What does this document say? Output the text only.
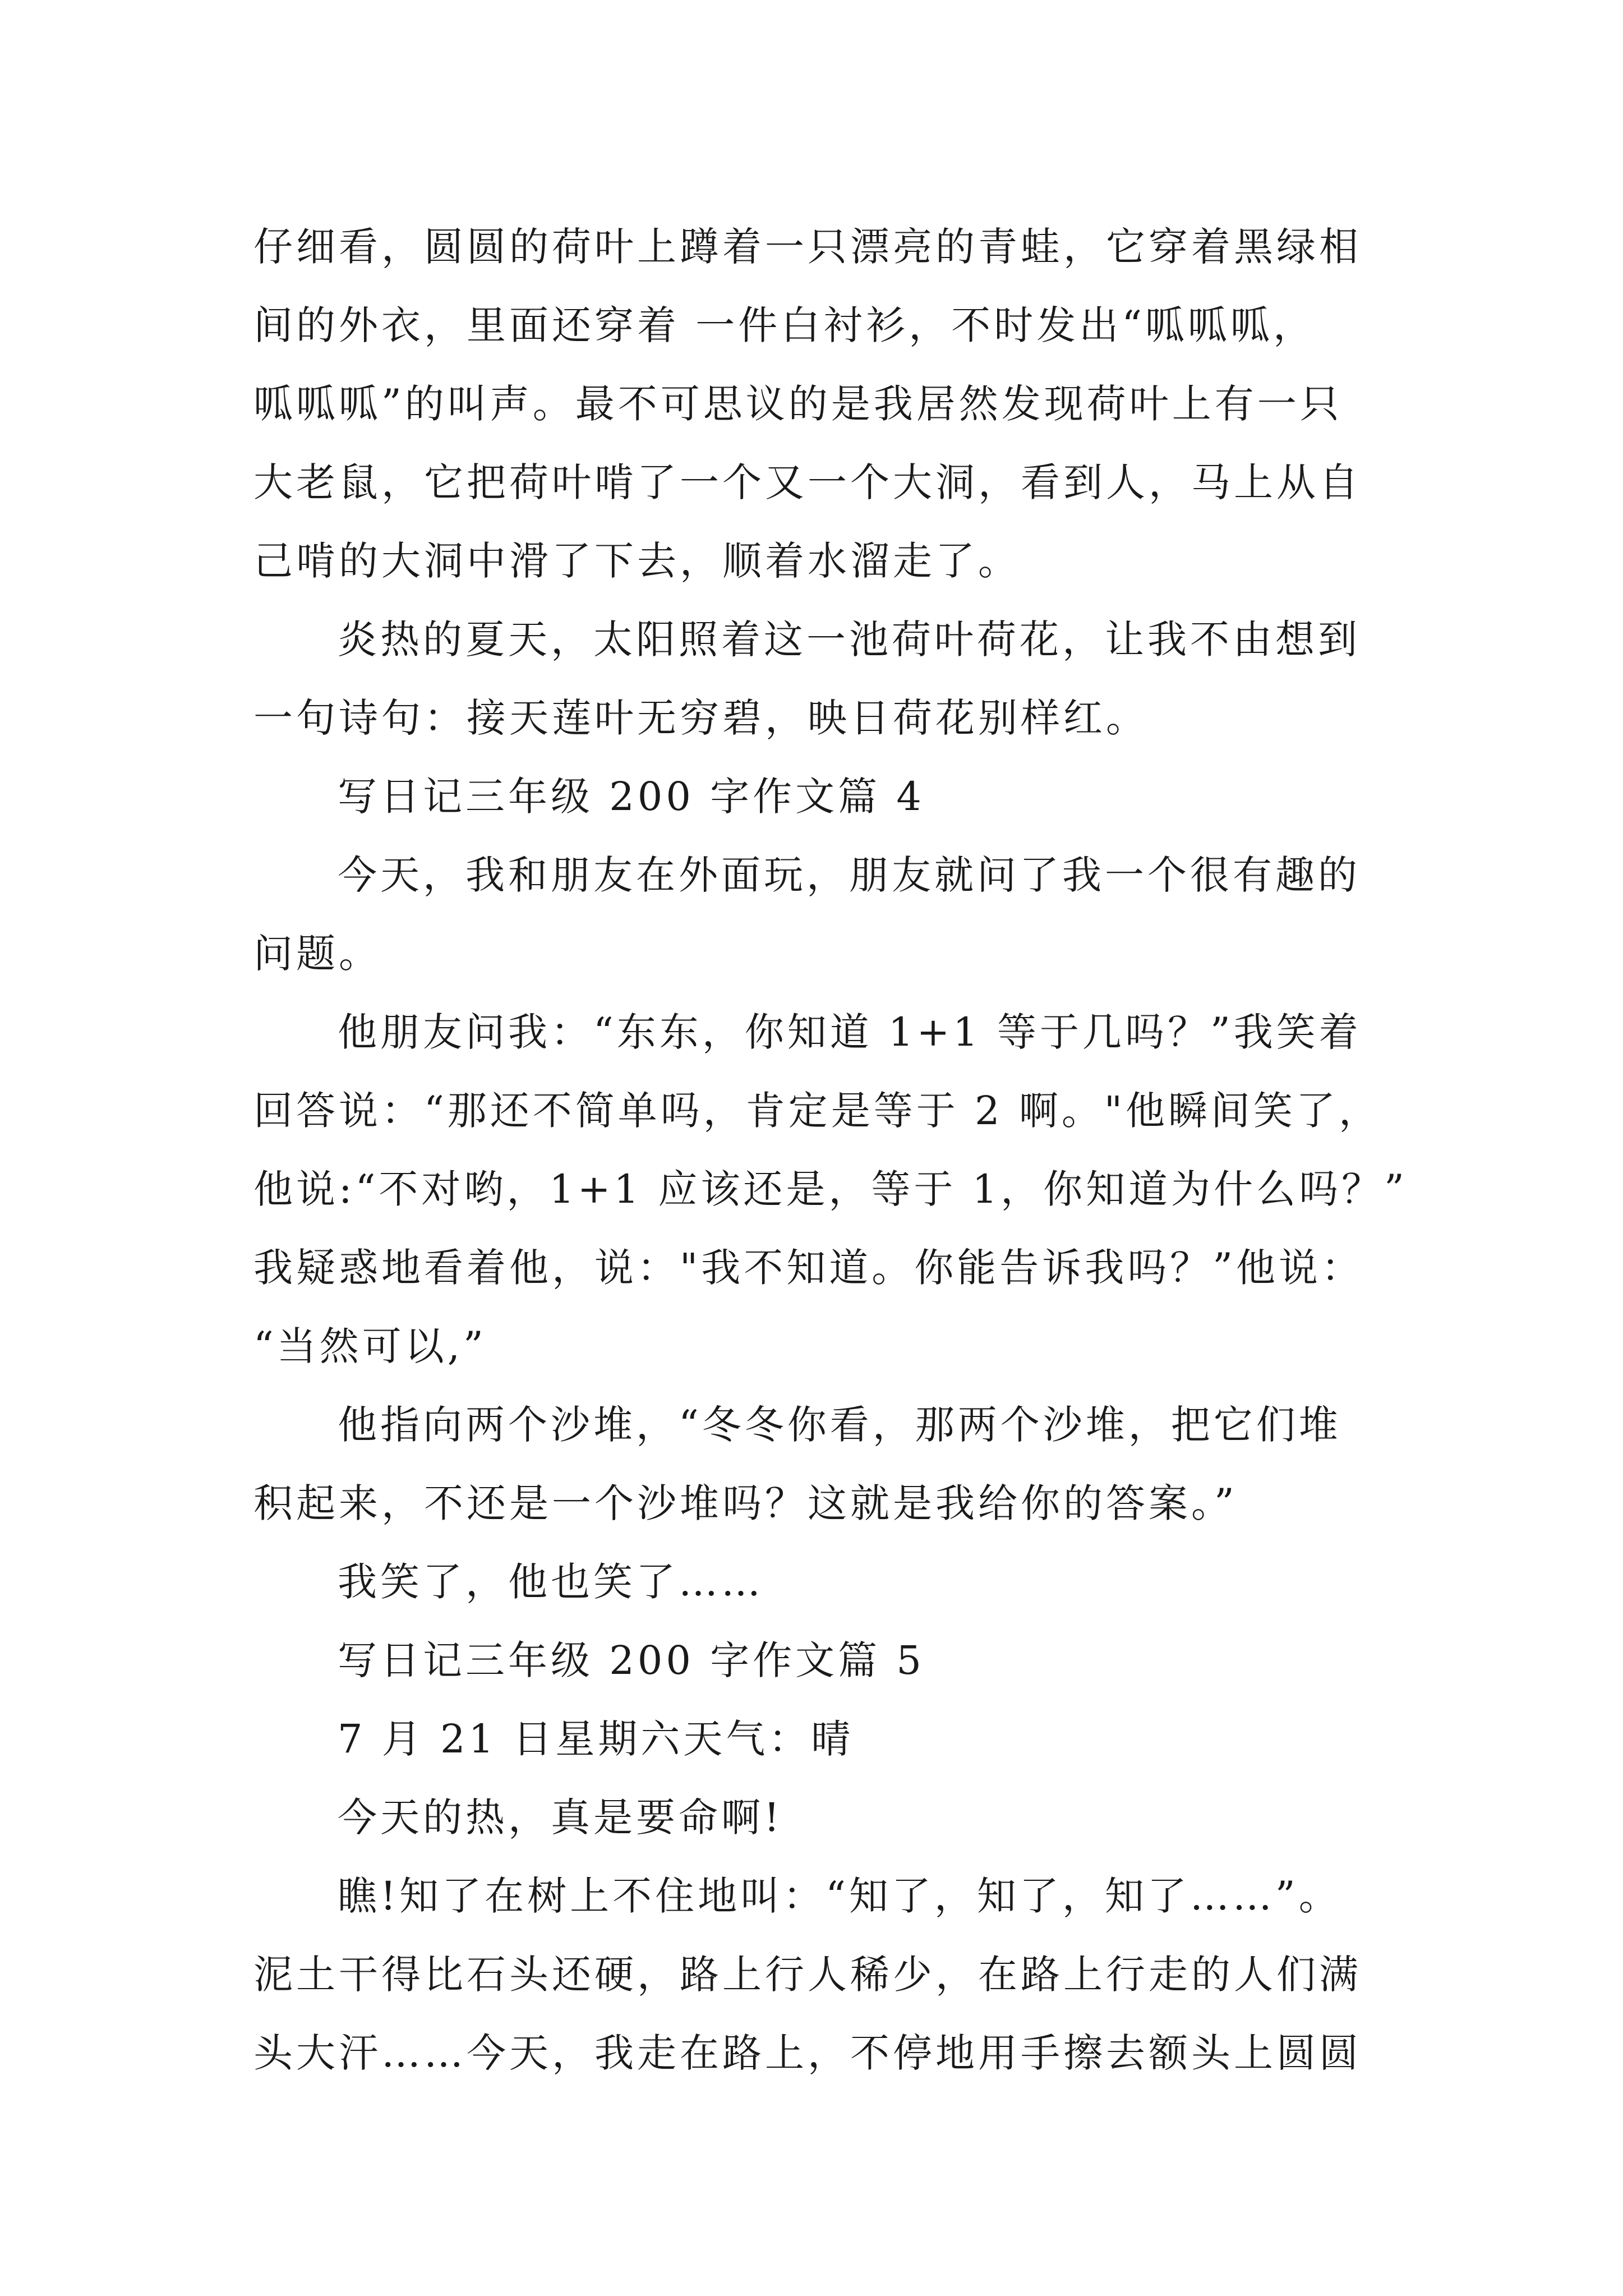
仔细看，圆圆的荷叶上蹲着一只漂亮的青蛙，它穿着黑绿相
间的外衣，里面还穿着 一件白衬衫，不时发出“呱呱呱，
呱呱呱”的叫声。最不可思议的是我居然发现荷叶上有一只
大老鼠，它把荷叶啃了一个又一个大洞，看到人，马上从自
己啃的大洞中滑了下去，顺着水溜走了。
炎热的夏天，太阳照着这一池荷叶荷花，让我不由想到
一句诗句：接天莲叶无穷碧，映日荷花别样红。
写日记三年级 200 字作文篇 4
今天，我和朋友在外面玩，朋友就问了我一个很有趣的
问题。
他朋友问我：“东东，你知道 1+1 等于几吗？”我笑着
回答说：“那还不简单吗，肯定是等于 2 啊。"他瞬间笑了，
他说:“不对哟，1+1 应该还是，等于 1，你知道为什么吗？”
我疑惑地看着他，说："我不知道。你能告诉我吗？”他说：
“当然可以,”
他指向两个沙堆，“冬冬你看，那两个沙堆，把它们堆
积起来，不还是一个沙堆吗？这就是我给你的答案。”
我笑了，他也笑了……
写日记三年级 200 字作文篇 5
7 月 21 日星期六天气：晴
今天的热，真是要命啊!
瞧!知了在树上不住地叫：“知了，知了，知了……”。
泥土干得比石头还硬，路上行人稀少，在路上行走的人们满
头大汗……今天，我走在路上，不停地用手擦去额头上圆圆
